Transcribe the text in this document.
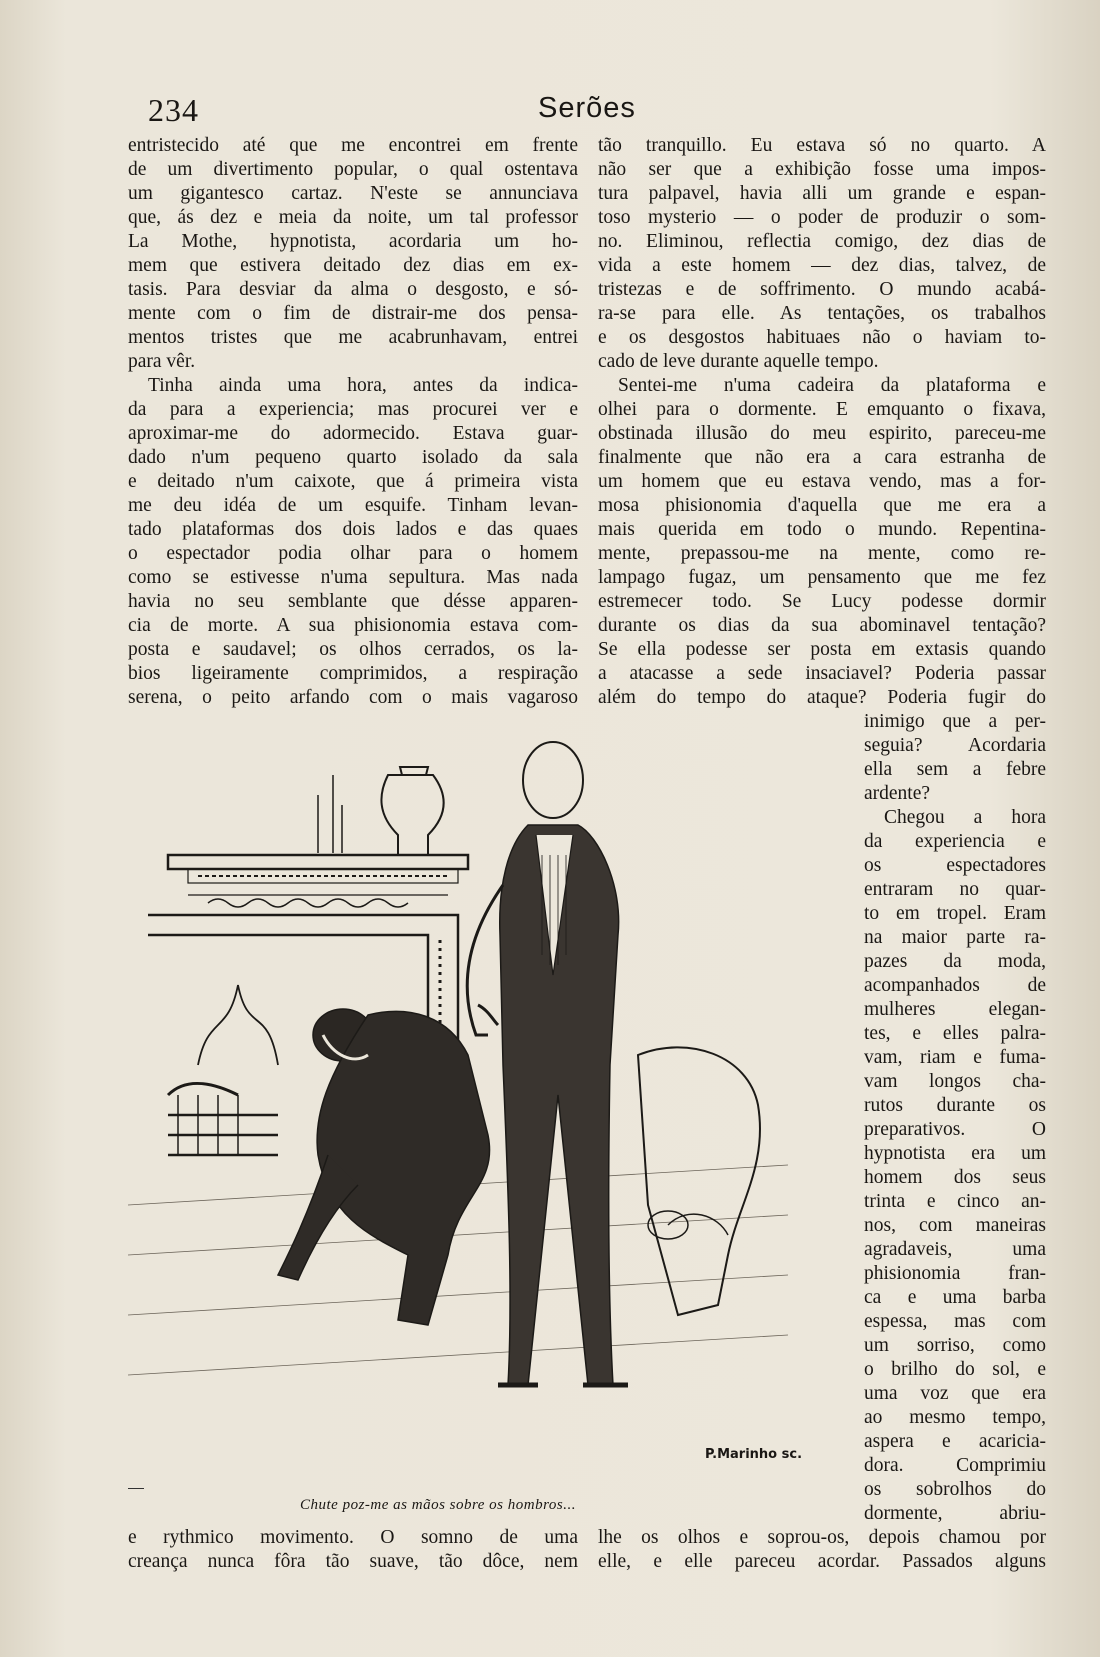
234	Serões
entristecido até que me encontrei em frente
de um divertimento popular, o qual ostentava
um gigantesco cartaz. N'este se annunciava
que, ás dez e meia da noite, um tal professor
La Mothe, hypnotista, acordaria um ho-
mem que estivera deitado dez dias em ex-
tasis. Para desviar da alma o desgosto, e só-
mente com o fim de distrair-me dos pensa-
mentos tristes que me acabrunhavam, entrei
para vêr.
Tinha ainda uma hora, antes da indica-
da para a experiencia; mas procurei ver e
aproximar-me do adormecido. Estava guar-
dado n'um pequeno quarto isolado da sala
e deitado n'um caixote, que á primeira vista
me deu idéa de um esquife. Tinham levan-
tado plataformas dos dois lados e das quaes
o espectador podia olhar para o homem
como se estivesse n'uma sepultura. Mas nada
havia no seu semblante que désse apparen-
cia de morte. A sua phisionomia estava com-
posta e saudavel; os olhos cerrados, os la-
bios ligeiramente comprimidos, a respiração
serena, o peito arfando com o mais vagaroso
tão tranquillo. Eu estava só no quarto. A
não ser que a exhibição fosse uma impos-
tura palpavel, havia alli um grande e espan-
toso mysterio — o poder de produzir o som-
no. Eliminou, reflectia comigo, dez dias de
vida a este homem — dez dias, talvez, de
tristezas e de soffrimento. O mundo acabá-
ra-se para elle. As tentações, os trabalhos
e os desgostos habituaes não o haviam to-
cado de leve durante aquelle tempo.
Sentei-me n'uma cadeira da plataforma e
olhei para o dormente. E emquanto o fixava,
obstinada illusão do meu espirito, pareceu-me
finalmente que não era a cara estranha de
um homem que eu estava vendo, mas a for-
mosa phisionomia d'aquella que me era a
mais querida em todo o mundo. Repentina-
mente, prepassou-me na mente, como re-
lampago fugaz, um pensamento que me fez
estremecer todo. Se Lucy podesse dormir
durante os dias da sua abominavel tentação?
Se ella podesse ser posta em extasis quando
a atacasse a sede insaciavel? Poderia passar
além do tempo do ataque? Poderia fugir do
inimigo que a per-
seguia? Acordaria
ella sem a febre
ardente?
Chegou a hora
da experiencia e
os espectadores
entraram no quar-
to em tropel. Eram
na maior parte ra-
pazes da moda,
acompanhados de
mulheres elegan-
tes, e elles palra-
vam, riam e fuma-
vam longos cha-
rutos durante os
preparativos. O
hypnotista era um
homem dos seus
trinta e cinco an-
nos, com maneiras
agradaveis, uma
phisionomia fran-
ca e uma barba
espessa, mas com
um sorriso, como
o brilho do sol, e
uma voz que era
ao mesmo tempo,
aspera e acaricia-
dora. Comprimiu
os sobrolhos do
dormente, abriu-
P.Marinho sc.
Chute poz-me as mãos sobre os hombros...
e rythmico movimento. O somno de uma
creança nunca fôra tão suave, tão dôce, nem
lhe os olhos e soprou-os, depois chamou por
elle, e elle pareceu acordar. Passados alguns
